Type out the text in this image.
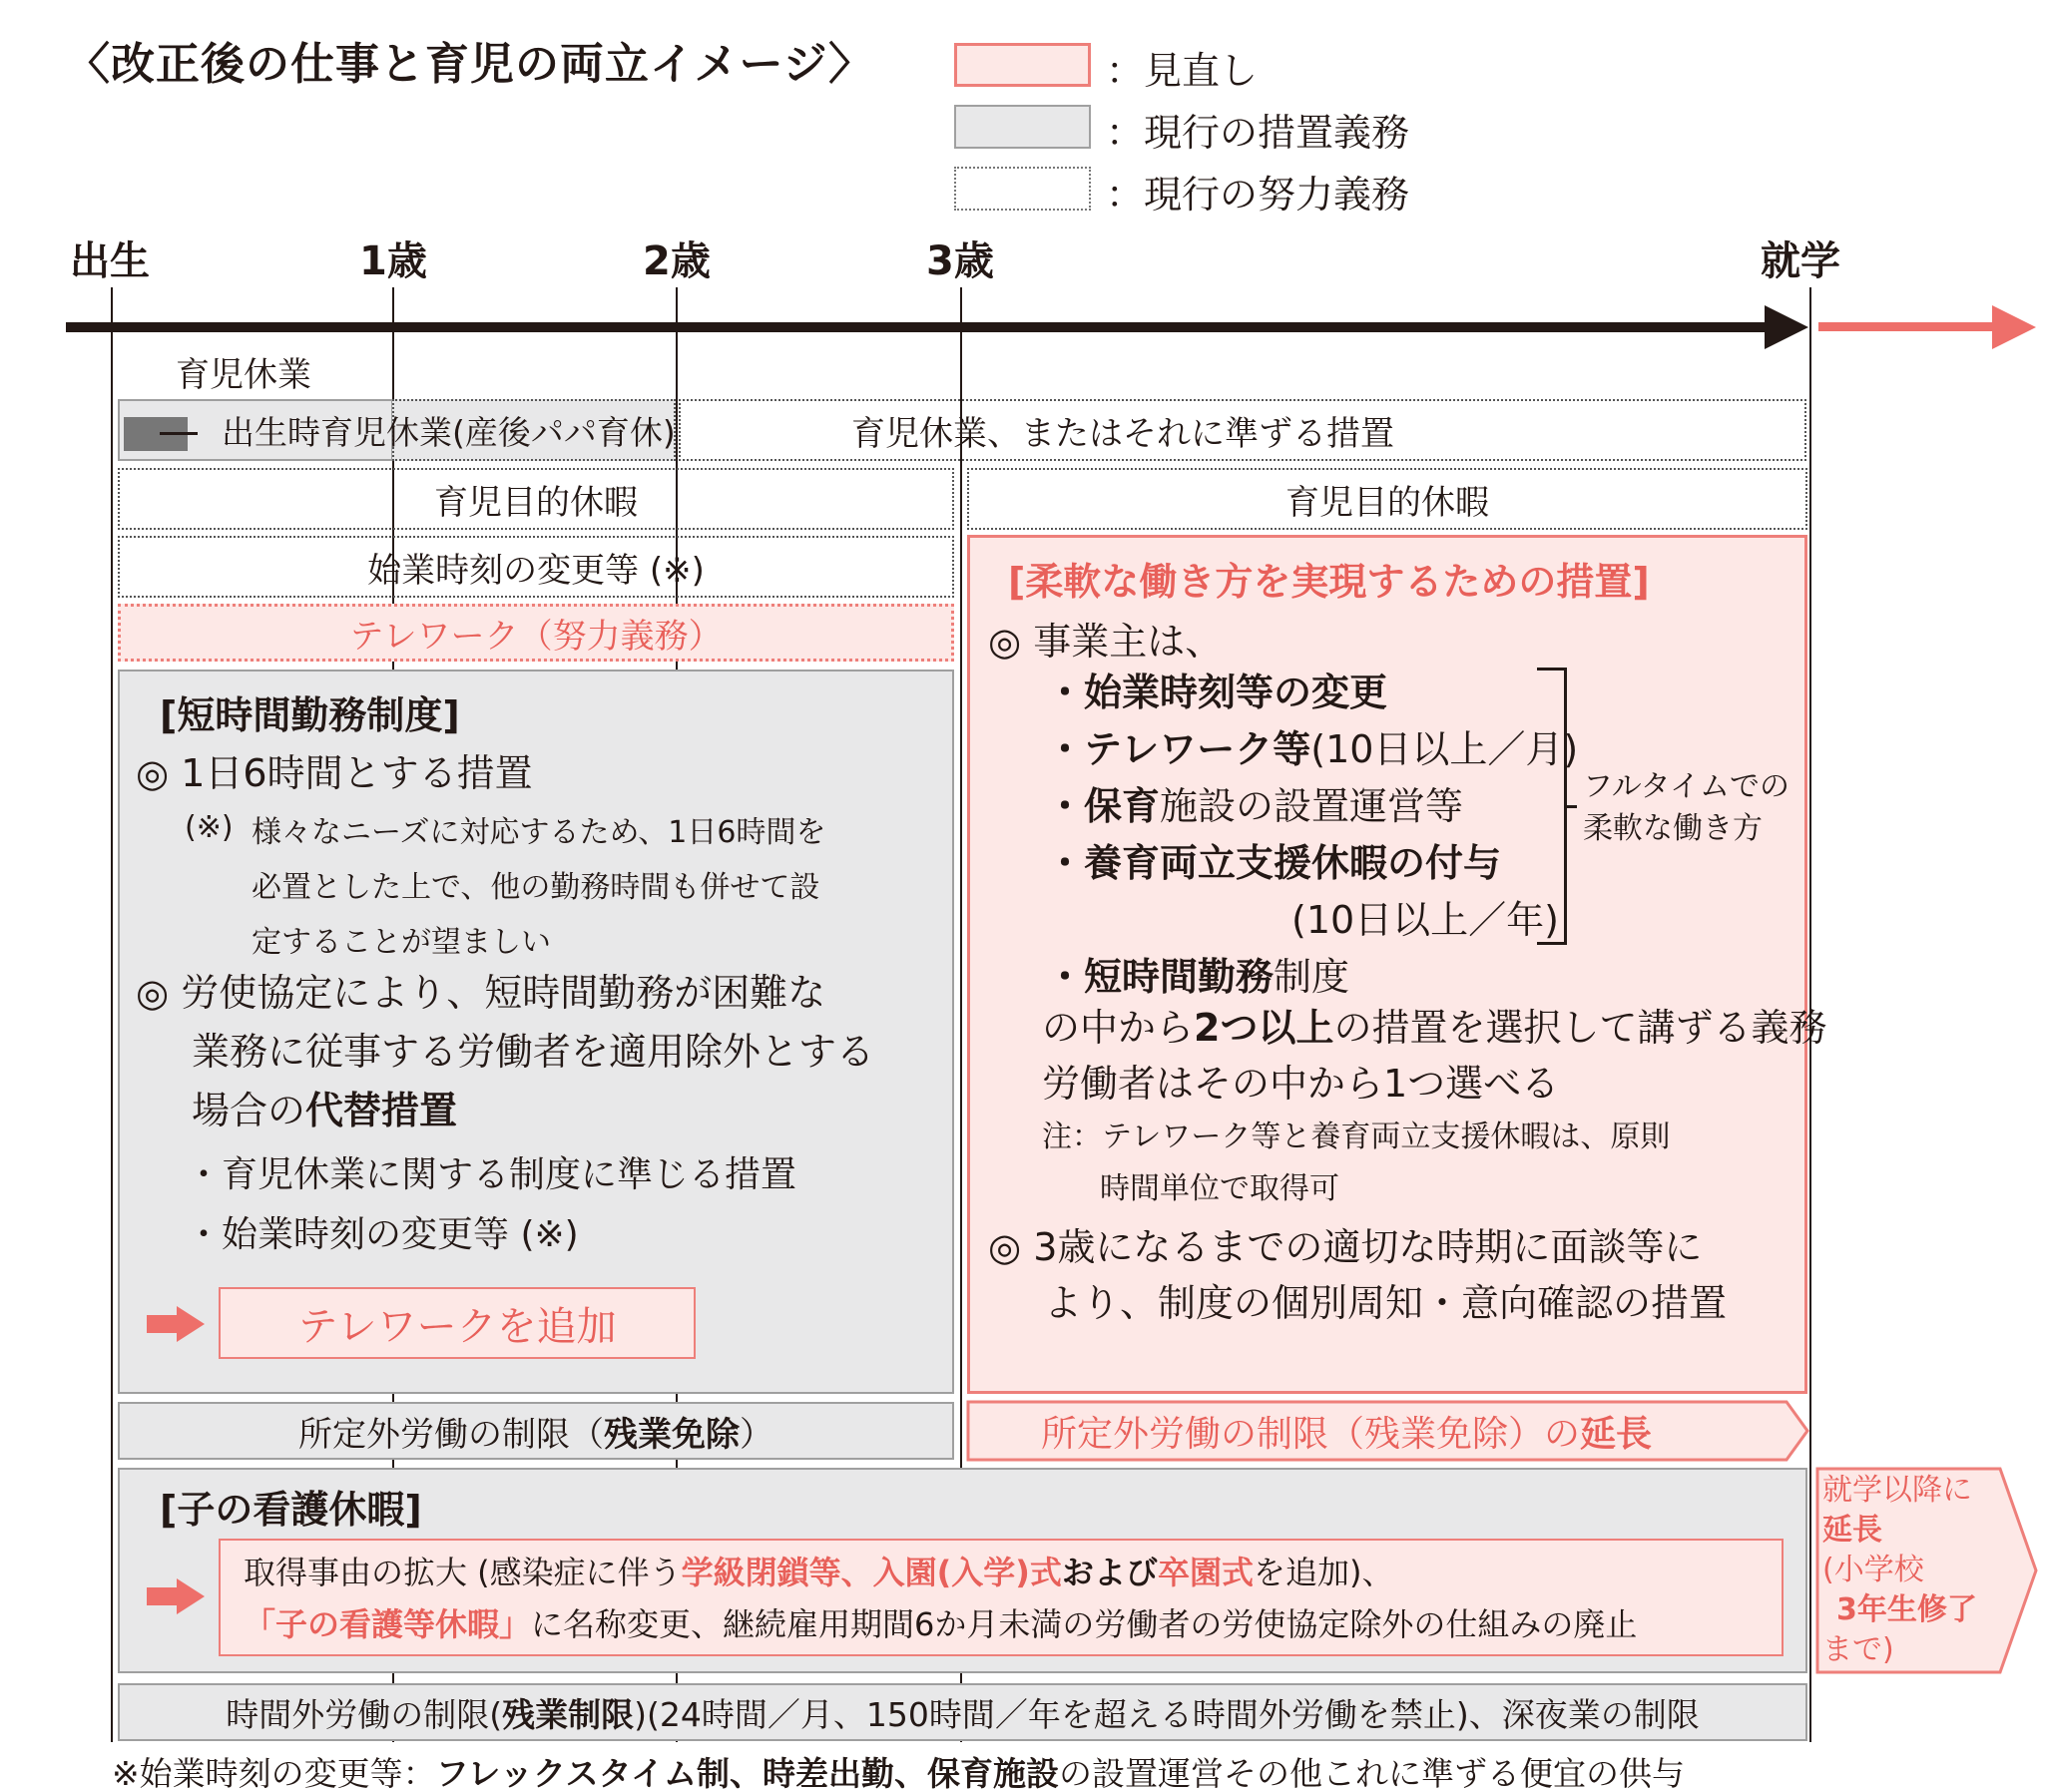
〈改正後の仕事と育児の両立イメージ〉	：見直し
：現行の措置義務
：現行の努力義務
出生	1歳	2歳	3歳	就学
育児休業
出生時育児休業(産後パパ育休)	育児休業、またはそれに準ずる措置
育児目的休暇	育児目的休暇
始業時刻の変更等 (※)
テレワーク（努力義務）
[短時間勤務制度]
◎ 1日6時間とする措置
(※) 様々なニーズに対応するため、1日6時間を
必置とした上で、他の勤務時間も併せて設
定することが望ましい
◎ 労使協定により、短時間勤務が困難な
業務に従事する労働者を適用除外とする
場合の代替措置
・育児休業に関する制度に準じる措置
・始業時刻の変更等 (※)
テレワークを追加
[柔軟な働き方を実現するための措置]
◎ 事業主は、
・始業時刻等の変更
・テレワーク等(10日以上／月)
・保育施設の設置運営等
・養育両立支援休暇の付与
(10日以上／年)
・短時間勤務制度
フルタイムでの
柔軟な働き方
の中から2つ以上の措置を選択して講ずる義務
労働者はその中から1つ選べる
注：テレワーク等と養育両立支援休暇は、原則
時間単位で取得可
◎ 3歳になるまでの適切な時期に面談等に
より、制度の個別周知・意向確認の措置
所定外労働の制限（ 残業免除 ）	所定外労働の制限（残業免除）の 延長
[子の看護休暇]
取得事由の拡大 (感染症に伴う学級閉鎖等、入園(入学)式および卒園式を追加)、
「子の看護等休暇」に名称変更、継続雇用期間6か月未満の労働者の労使協定除外の仕組みの廃止
就学以降に
延長
(小学校
3年生修了
まで)
時間外労働の制限( 残業制限 )(24時間／月、150時間／年を超える時間外労働を禁止)、深夜業の制限
※始業時刻の変更等：フレックスタイム制、時差出勤、保育施設の設置運営その他これに準ずる便宜の供与
